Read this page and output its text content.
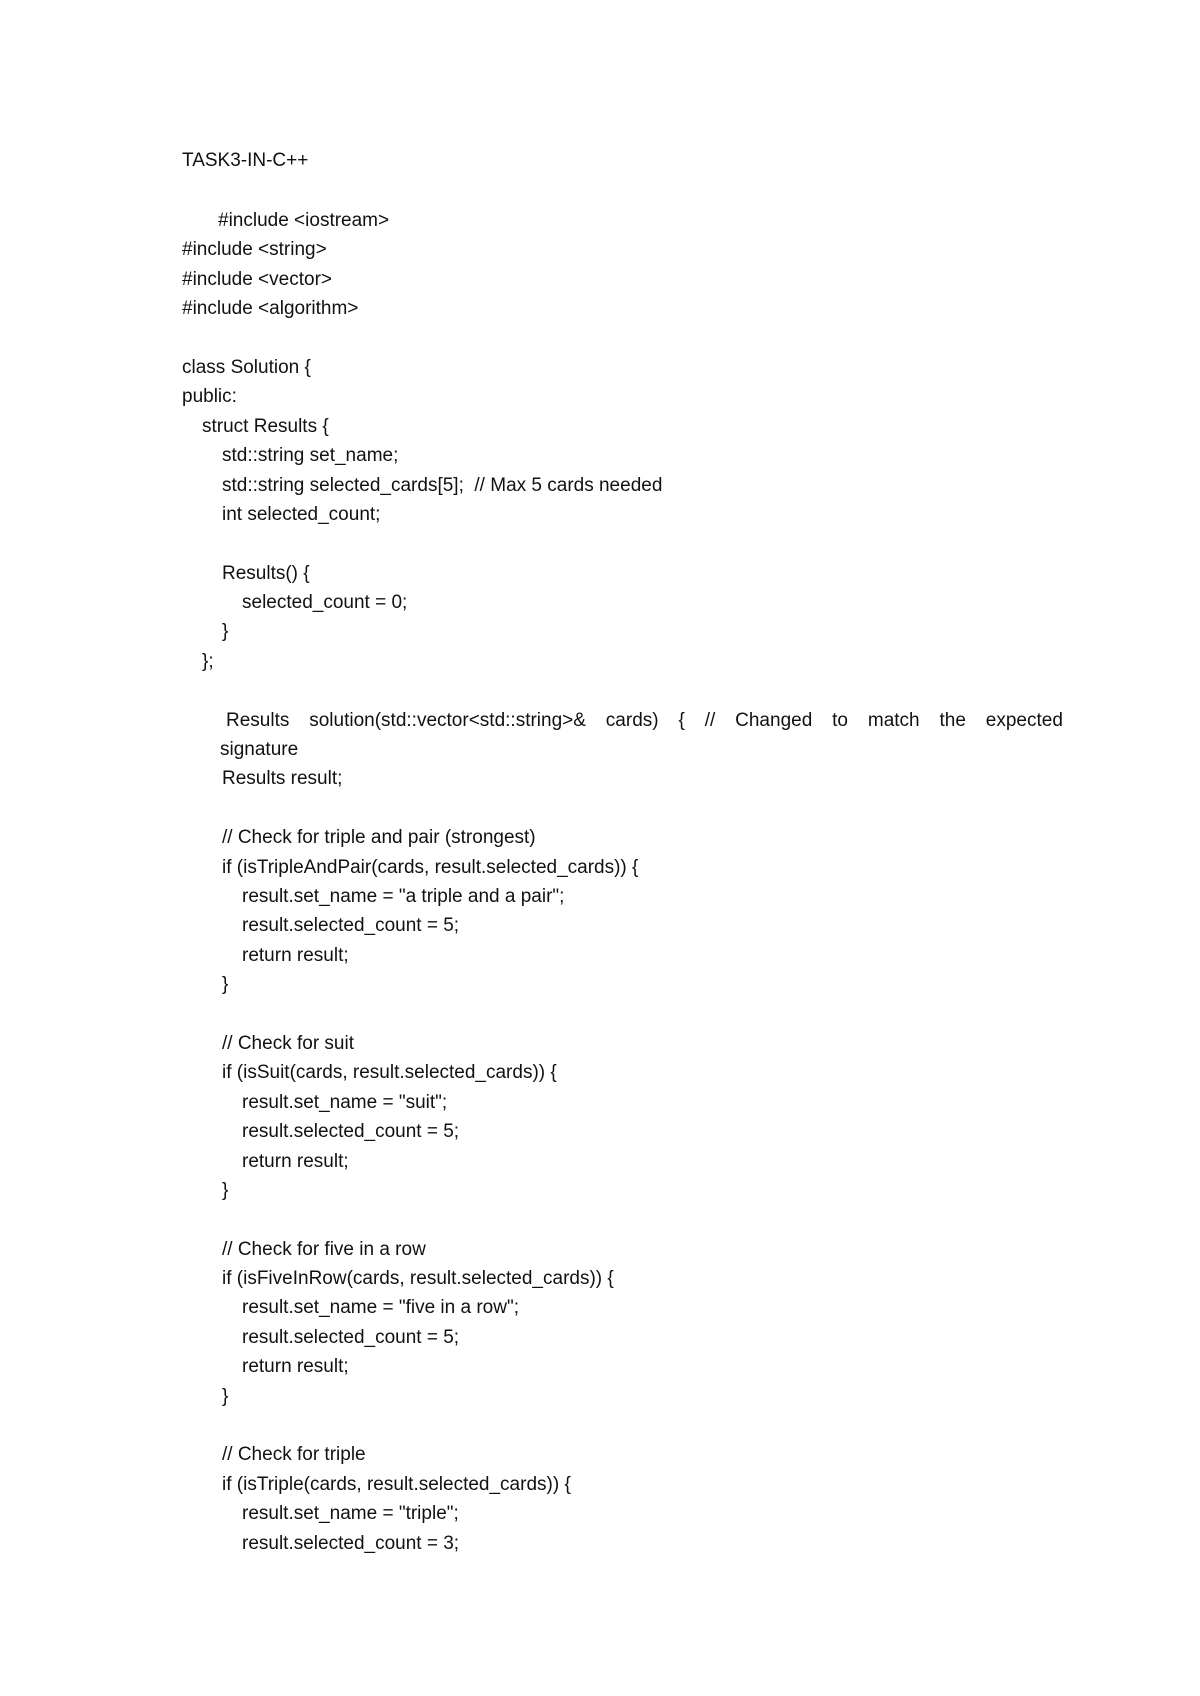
TASK3-IN-C++
#include <iostream>
#include <string>
#include <vector>
#include <algorithm>
class Solution {
public:
struct Results {
std::string set_name;
std::string selected_cards[5];  // Max 5 cards needed
int selected_count;
Results() {
selected_count = 0;
}
};
Results solution(std::vector<std::string>& cards) { // Changed to match the expected
signature
Results result;
// Check for triple and pair (strongest)
if (isTripleAndPair(cards, result.selected_cards)) {
result.set_name = "a triple and a pair";
result.selected_count = 5;
return result;
}
// Check for suit
if (isSuit(cards, result.selected_cards)) {
result.set_name = "suit";
result.selected_count = 5;
return result;
}
// Check for five in a row
if (isFiveInRow(cards, result.selected_cards)) {
result.set_name = "five in a row";
result.selected_count = 5;
return result;
}
// Check for triple
if (isTriple(cards, result.selected_cards)) {
result.set_name = "triple";
result.selected_count = 3;
